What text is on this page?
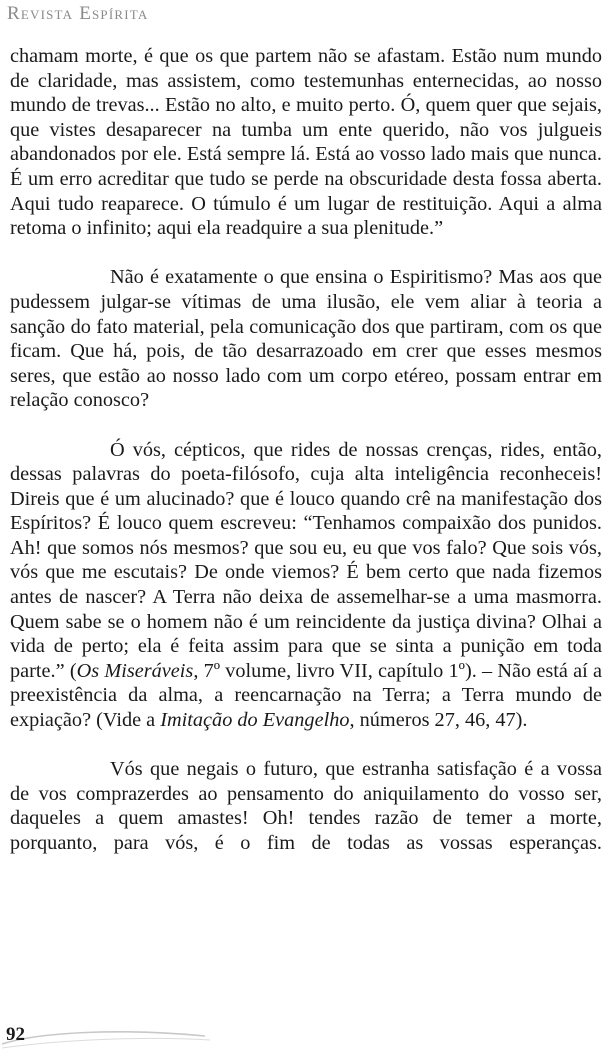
Revista Espírita

chamam morte, é que os que partem não se afastam. Estão num mundo de claridade, mas assistem, como testemunhas enternecidas, ao nosso mundo de trevas... Estão no alto, e muito perto. Ó, quem quer que sejais, que vistes desaparecer na tumba um ente querido, não vos julgueis abandonados por ele. Está sempre lá. Está ao vosso lado mais que nunca. É um erro acreditar que tudo se perde na obscuridade desta fossa aberta. Aqui tudo reaparece. O túmulo é um lugar de restituição. Aqui a alma retoma o infinito; aqui ela readquire a sua plenitude.”

Não é exatamente o que ensina o Espiritismo? Mas aos que pudessem julgar-se vítimas de uma ilusão, ele vem aliar à teoria a sanção do fato material, pela comunicação dos que partiram, com os que ficam. Que há, pois, de tão desarrazoado em crer que esses mesmos seres, que estão ao nosso lado com um corpo etéreo, possam entrar em relação conosco?

Ó vós, cépticos, que rides de nossas crenças, rides, então, dessas palavras do poeta-filósofo, cuja alta inteligência reconheceis! Direis que é um alucinado? que é louco quando crê na manifestação dos Espíritos? É louco quem escreveu: “Tenhamos compaixão dos punidos. Ah! que somos nós mesmos? que sou eu, eu que vos falo? Que sois vós, vós que me escutais? De onde viemos? É bem certo que nada fizemos antes de nascer? A Terra não deixa de assemelhar-se a uma masmorra. Quem sabe se o homem não é um reincidente da justiça divina? Olhai a vida de perto; ela é feita assim para que se sinta a punição em toda parte.” (Os Miseráveis, 7º volume, livro VII, capítulo 1º). – Não está aí a preexistência da alma, a reencarnação na Terra; a Terra mundo de expiação? (Vide a Imitação do Evangelho, números 27, 46, 47).

Vós que negais o futuro, que estranha satisfação é a vossa de vos comprazerdes ao pensamento do aniquilamento do vosso ser, daqueles a quem amastes! Oh! tendes razão de temer a morte, porquanto, para vós, é o fim de todas as vossas esperanças.

92
